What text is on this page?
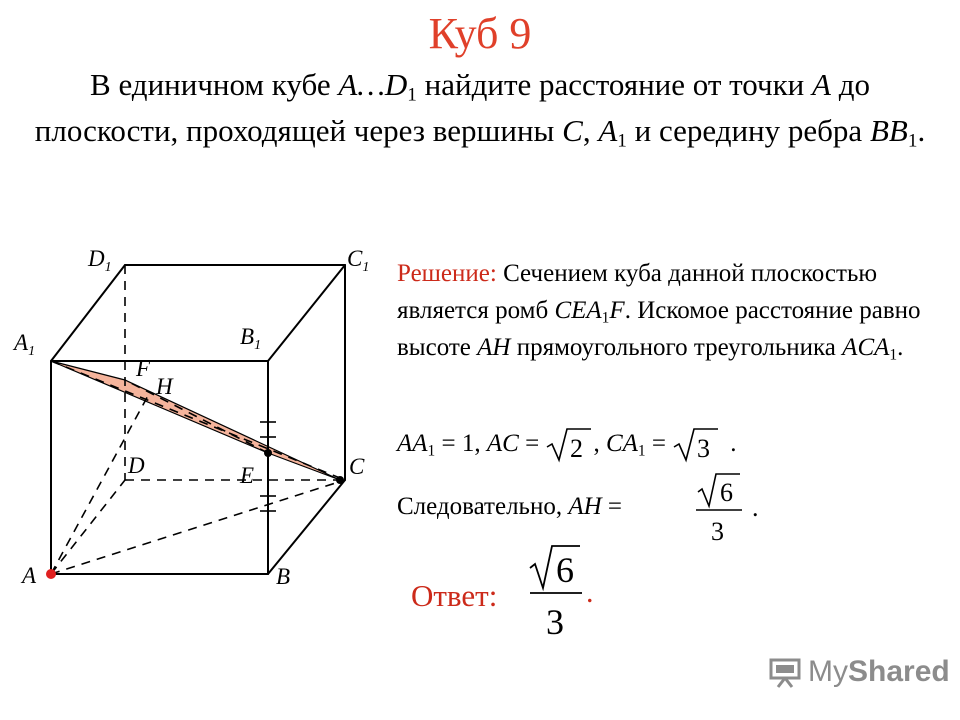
Куб 9
В единичном кубе $A\dots D_1$ найдите расстояние от точки A до плоскости, проходящей через вершины C, $A_1$ и середину ребра $BB_1$.
$D_1$	$C_1$
$A_1$
$B_1$
F
H
D	E	C
A	B
Решение: Сечением куба данной плоскостью является ромб $CEA_1F$. Искомое расстояние равно высоте AH прямоугольного треугольника $ACA_1$.
$AA_1 = 1$, AC = 2 , $CA_1 = 3$ .
Следовательно, AH =	6
3
.
Ответ:
6
3
.
MyShared
